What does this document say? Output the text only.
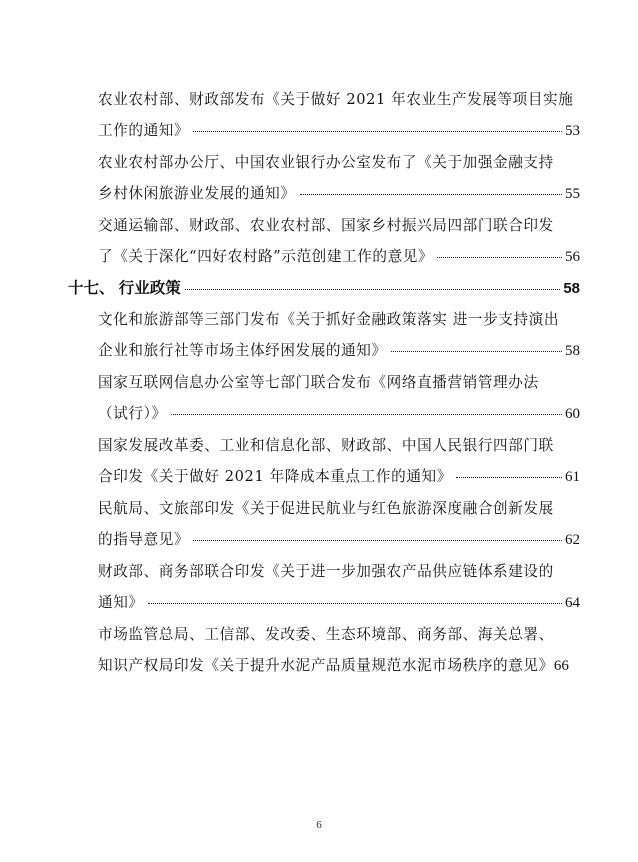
农业农村部、财政部发布《关于做好 2021 年农业生产发展等项目实施
工作的通知》	53
农业农村部办公厅、中国农业银行办公室发布了《关于加强金融支持
乡村休闲旅游业发展的通知》	55
交通运输部、财政部、农业农村部、国家乡村振兴局四部门联合印发
了《关于深化“四好农村路”示范创建工作的意见》	56
十七、 行业政策	58
文化和旅游部等三部门发布《关于抓好金融政策落实 进一步支持演出
企业和旅行社等市场主体纾困发展的通知》	58
国家互联网信息办公室等七部门联合发布《网络直播营销管理办法
（试行）》	60
国家发展改革委、工业和信息化部、财政部、中国人民银行四部门联
合印发《关于做好 2021 年降成本重点工作的通知》	61
民航局、文旅部印发《关于促进民航业与红色旅游深度融合创新发展
的指导意见》	62
财政部、商务部联合印发《关于进一步加强农产品供应链体系建设的
通知》	64
市场监管总局、工信部、发改委、生态环境部、商务部、海关总署、
知识产权局印发《关于提升水泥产品质量规范水泥市场秩序的意见》 66
6
